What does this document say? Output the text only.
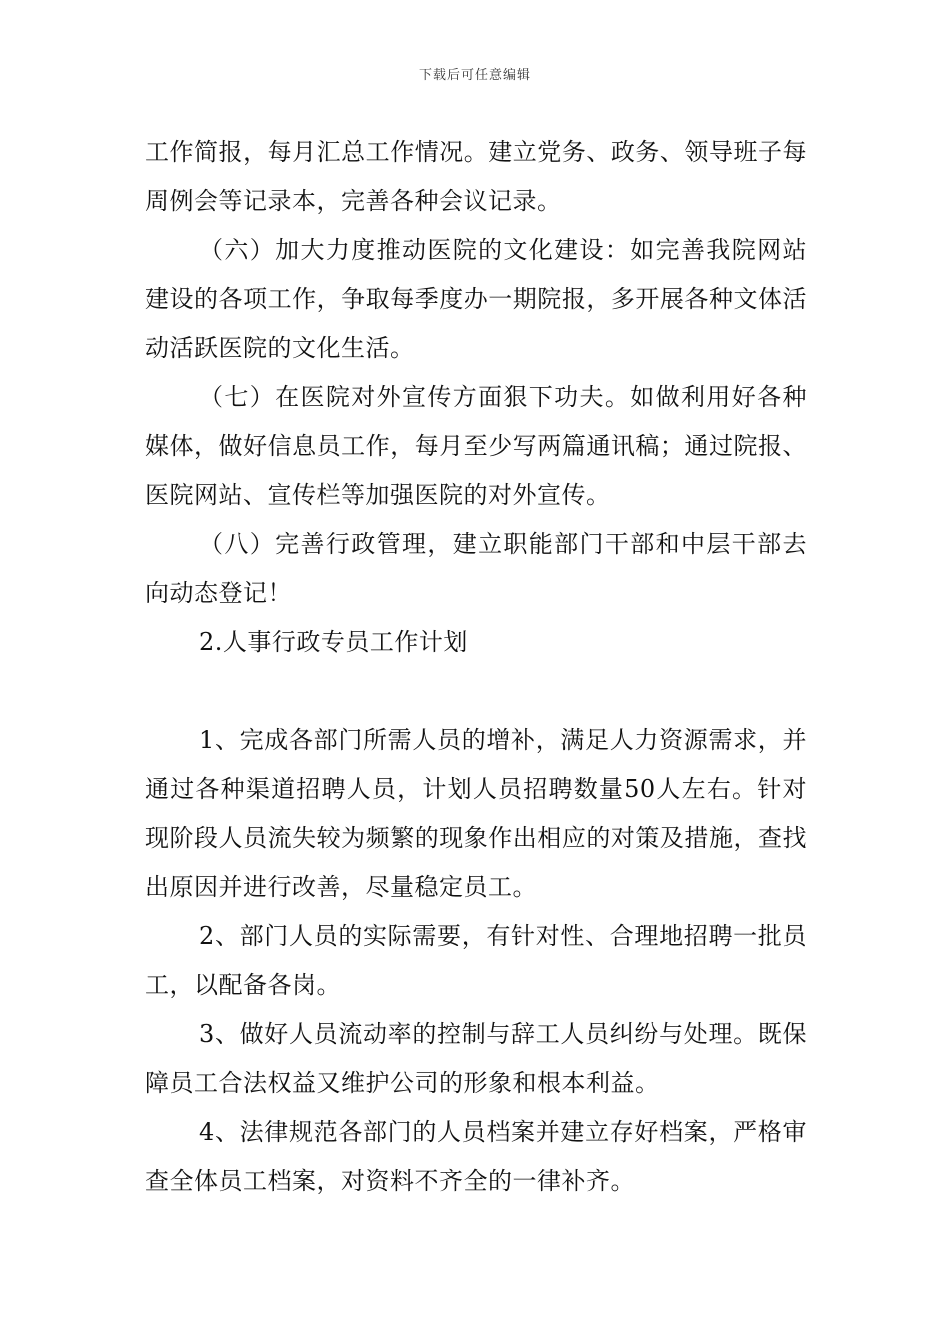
下载后可任意编辑

工作简报，每月汇总工作情况。建立党务、政务、领导班子每周例会等记录本，完善各种会议记录。

（六）加大力度推动医院的文化建设：如完善我院网站建设的各项工作，争取每季度办一期院报，多开展各种文体活动活跃医院的文化生活。

（七）在医院对外宣传方面狠下功夫。如做利用好各种媒体，做好信息员工作，每月至少写两篇通讯稿；通过院报、医院网站、宣传栏等加强医院的对外宣传。

（八）完善行政管理，建立职能部门干部和中层干部去向动态登记！

2.人事行政专员工作计划

1、完成各部门所需人员的增补，满足人力资源需求，并通过各种渠道招聘人员，计划人员招聘数量50人左右。针对现阶段人员流失较为频繁的现象作出相应的对策及措施，查找出原因并进行改善，尽量稳定员工。

2、部门人员的实际需要，有针对性、合理地招聘一批员工，以配备各岗。

3、做好人员流动率的控制与辞工人员纠纷与处理。既保障员工合法权益又维护公司的形象和根本利益。

4、法律规范各部门的人员档案并建立存好档案，严格审查全体员工档案，对资料不齐全的一律补齐。
